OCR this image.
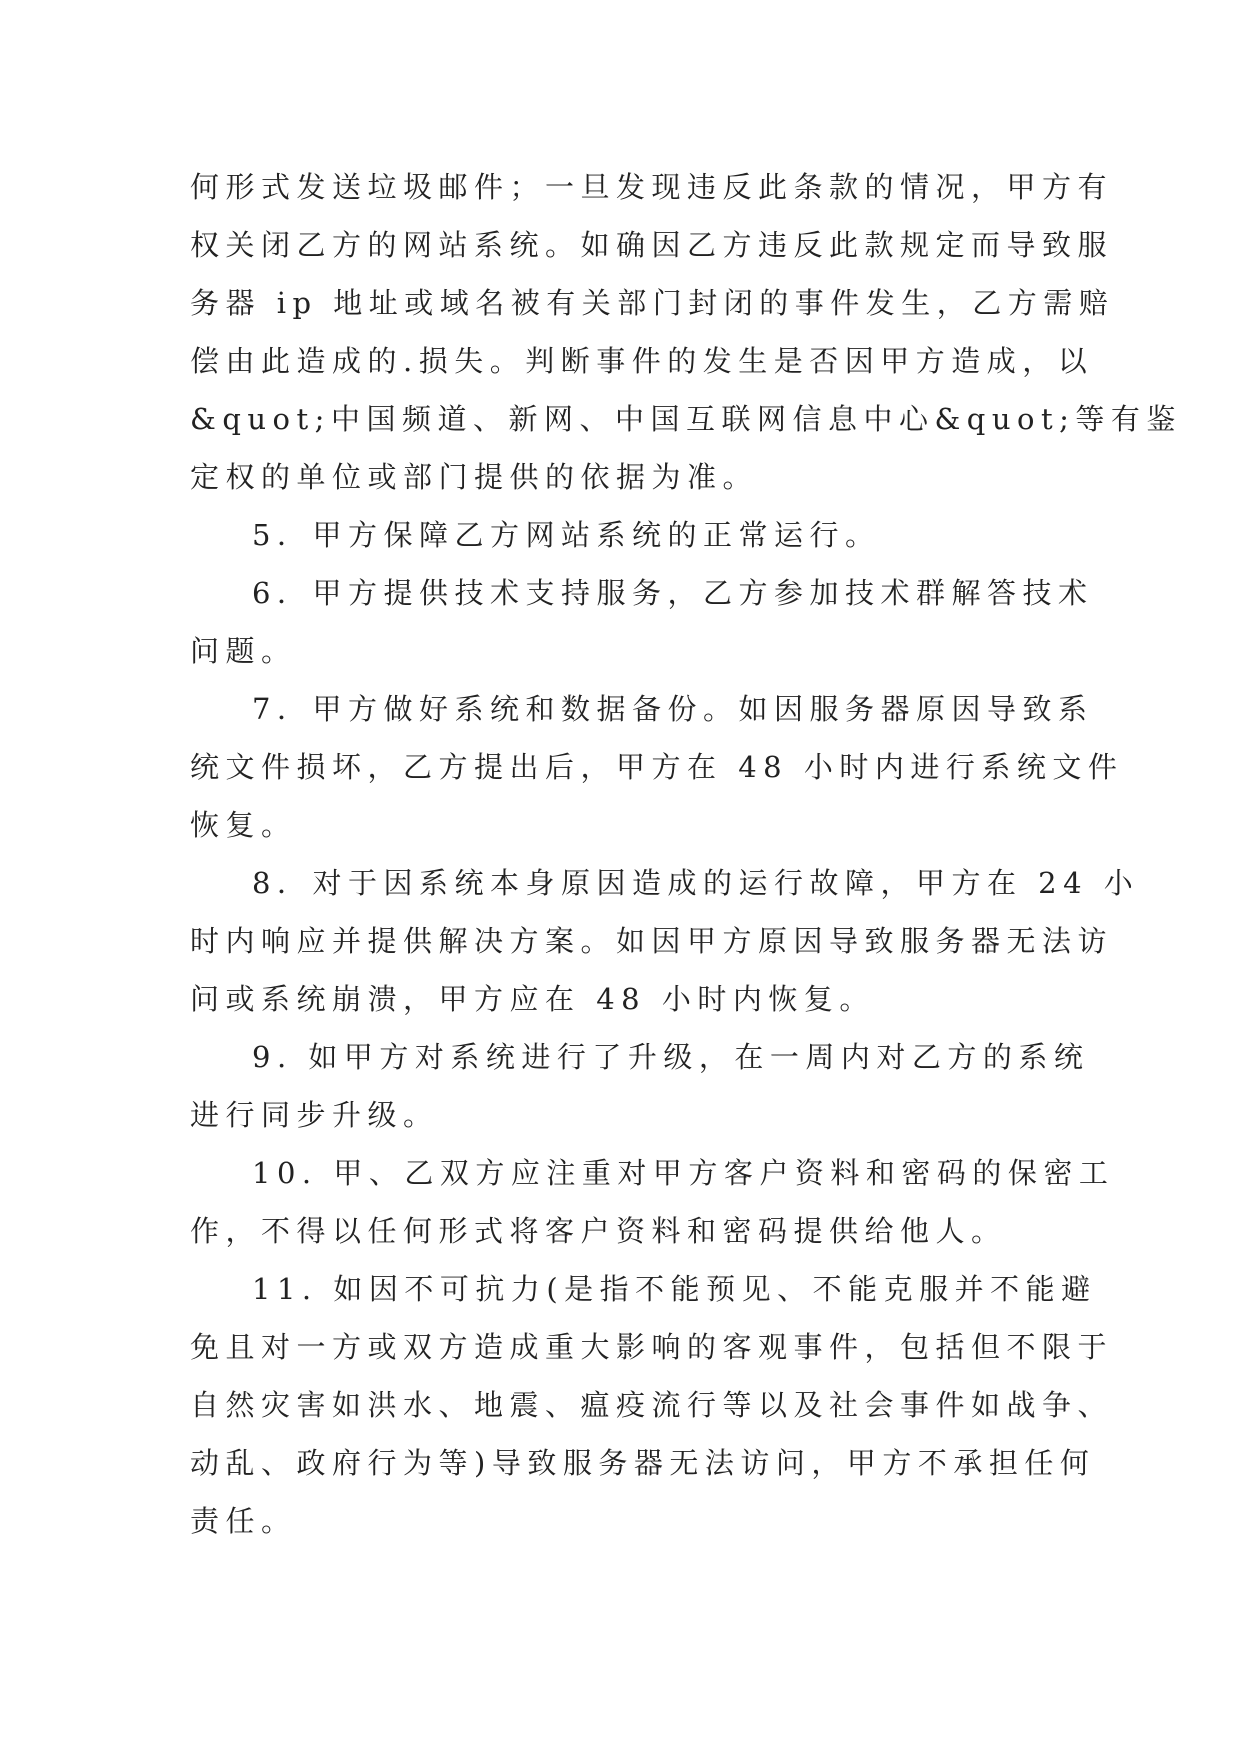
何形式发送垃圾邮件；一旦发现违反此条款的情况，甲方有
权关闭乙方的网站系统。如确因乙方违反此款规定而导致服
务器 ip 地址或域名被有关部门封闭的事件发生，乙方需赔
偿由此造成的.损失。判断事件的发生是否因甲方造成，以
&quot;中国频道、新网、中国互联网信息中心&quot;等有鉴
定权的单位或部门提供的依据为准。
5．甲方保障乙方网站系统的正常运行。
6．甲方提供技术支持服务，乙方参加技术群解答技术
问题。
7．甲方做好系统和数据备份。如因服务器原因导致系
统文件损坏，乙方提出后，甲方在 48 小时内进行系统文件
恢复。
8．对于因系统本身原因造成的运行故障，甲方在 24 小
时内响应并提供解决方案。如因甲方原因导致服务器无法访
问或系统崩溃，甲方应在 48 小时内恢复。
9. 如甲方对系统进行了升级，在一周内对乙方的系统
进行同步升级。
10. 甲、乙双方应注重对甲方客户资料和密码的保密工
作，不得以任何形式将客户资料和密码提供给他人。
11. 如因不可抗力(是指不能预见、不能克服并不能避
免且对一方或双方造成重大影响的客观事件，包括但不限于
自然灾害如洪水、地震、瘟疫流行等以及社会事件如战争、
动乱、政府行为等)导致服务器无法访问，甲方不承担任何
责任。
